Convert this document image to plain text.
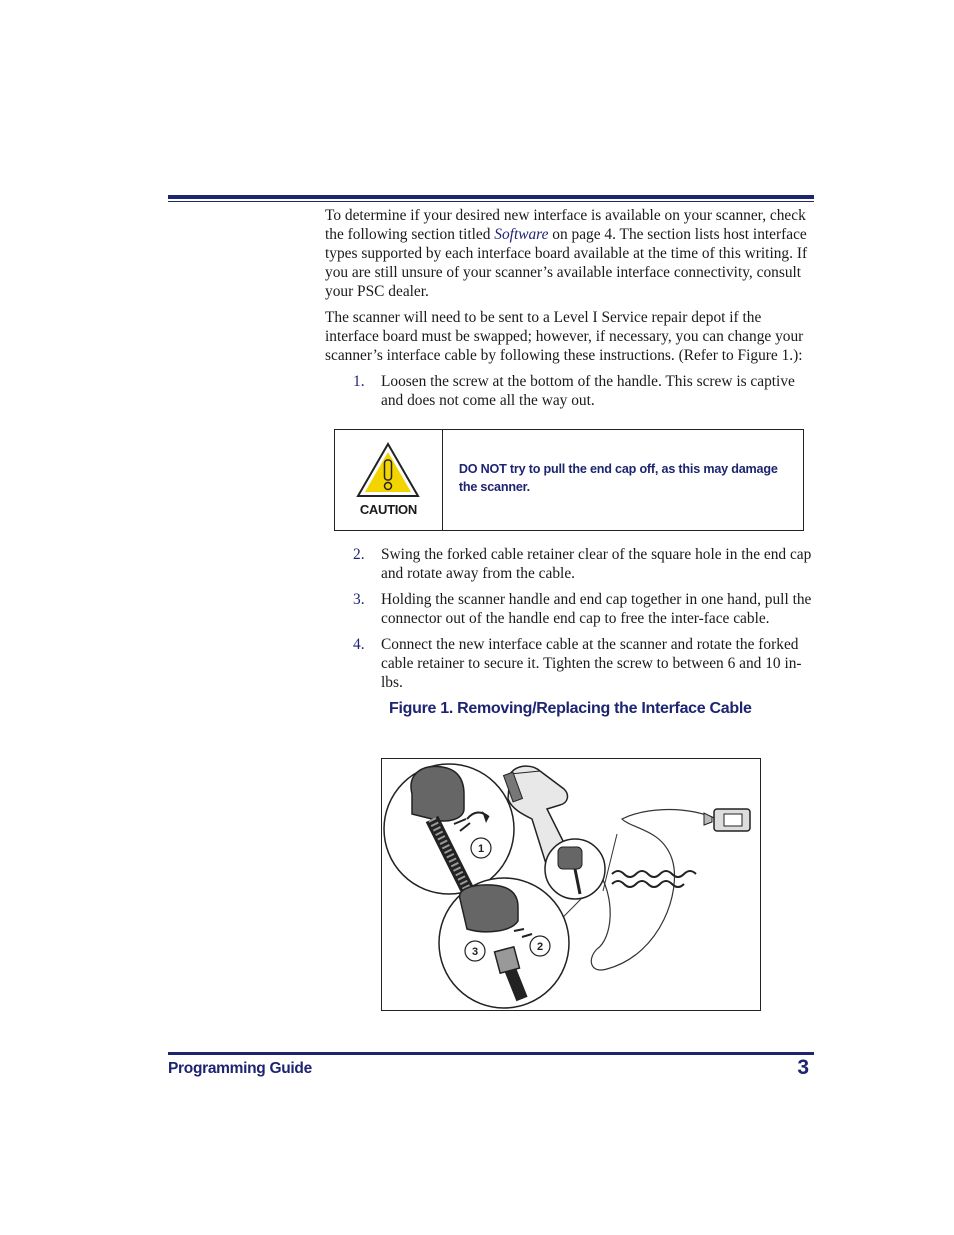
To determine if your desired new interface is available on your scanner, check the following section titled Software on page 4. The section lists host interface types supported by each interface board available at the time of this writing. If you are still unsure of your scanner’s available interface connectivity, consult your PSC dealer.

The scanner will need to be sent to a Level I Service repair depot if the interface board must be swapped; however, if necessary, you can change your scanner’s interface cable by following these instructions. (Refer to Figure 1.):

1. Loosen the screw at the bottom of the handle. This screw is captive and does not come all the way out.
CAUTION
DO NOT try to pull the end cap off, as this may damage the scanner.
2. Swing the forked cable retainer clear of the square hole in the end cap and rotate away from the cable.
3. Holding the scanner handle and end cap together in one hand, pull the connector out of the handle end cap to free the inter-face cable.
4. Connect the new interface cable at the scanner and rotate the forked cable retainer to secure it. Tighten the screw to between 6 and 10 in-lbs.
Figure 1. Removing/Replacing the Interface Cable
1
2
3
Programming Guide	3
